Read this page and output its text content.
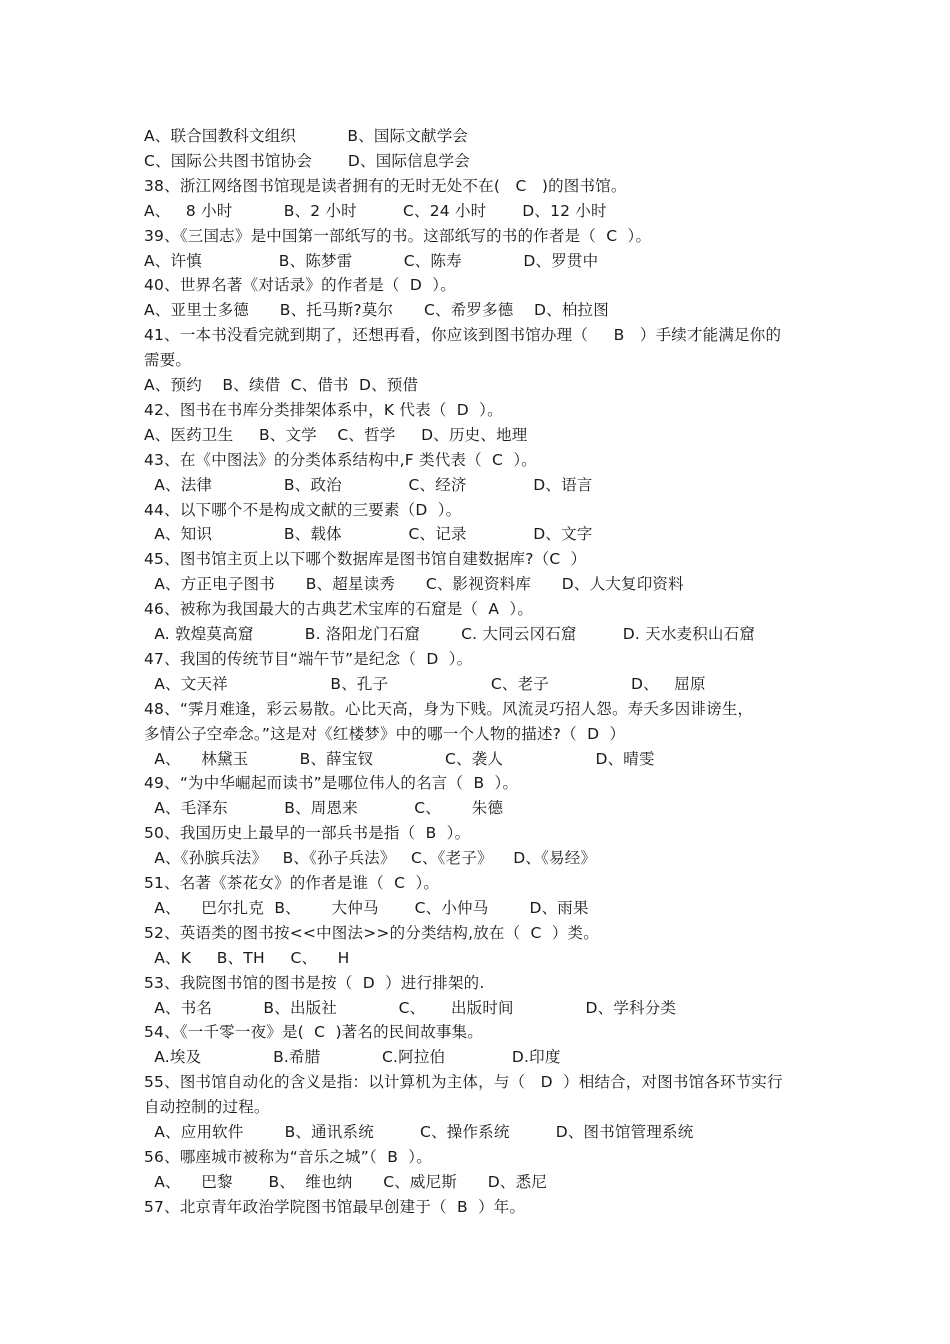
A、联合国教科文组织          B、国际文献学会
C、国际公共图书馆协会       D、国际信息学会
38、浙江网络图书馆现是读者拥有的无时无处不在(   C   )的图书馆。
A、   8 小时          B、2 小时         C、24 小时       D、12 小时
39、《三国志》是中国第一部纸写的书。这部纸写的书的作者是（  C  ）。
A、许慎               B、陈梦雷          C、陈寿            D、罗贯中
40、世界名著《对话录》的作者是（  D  ）。
A、亚里士多德      B、托马斯?莫尔      C、希罗多德    D、柏拉图
41、一本书没看完就到期了，还想再看，你应该到图书馆办理（     B   ）手续才能满足你的
需要。
A、预约    B、续借  C、借书  D、预借
42、图书在书库分类排架体系中，K 代表（  D  ）。
A、医药卫生     B、文学    C、哲学     D、历史、地理
43、在《中图法》的分类体系结构中,F 类代表（  C  ）。
A、法律              B、政治             C、经济             D、语言
44、以下哪个不是构成文献的三要素（D  ）。
A、知识              B、载体             C、记录             D、文字
45、图书馆主页上以下哪个数据库是图书馆自建数据库?（C  ）
A、方正电子图书      B、超星读秀      C、影视资料库      D、人大复印资料
46、被称为我国最大的古典艺术宝库的石窟是（  A  ）。
A. 敦煌莫高窟          B. 洛阳龙门石窟        C. 大同云冈石窟         D. 天水麦积山石窟
47、我国的传统节目“端午节”是纪念（  D  ）。
A、文天祥                    B、孔子                    C、老子                D、   屈原
48、“霁月难逢，彩云易散。心比天高，身为下贱。风流灵巧招人怨。寿夭多因诽谤生，
多情公子空牵念。”这是对《红楼梦》中的哪一个人物的描述?（  D  ）
A、    林黛玉          B、薛宝钗              C、袭人                  D、晴雯
49、“为中华崛起而读书”是哪位伟人的名言（  B  ）。
A、毛泽东           B、周恩来           C、      朱德
50、我国历史上最早的一部兵书是指（  B  ）。
A、《孙膑兵法》   B、《孙子兵法》   C、《老子》    D、《易经》
51、名著《茶花女》的作者是谁（  C  ）。
A、    巴尔扎克  B、      大仲马       C、小仲马        D、雨果
52、英语类的图书按<<中图法>>的分类结构,放在（  C  ）类。
A、K     B、TH     C、    H
53、我院图书馆的图书是按（  D  ）进行排架的.
A、书名          B、出版社            C、     出版时间              D、学科分类
54、《一千零一夜》是(  C  )著名的民间故事集。
A.埃及              B.希腊            C.阿拉伯             D.印度
55、图书馆自动化的含义是指：以计算机为主体，与（   D  ）相结合，对图书馆各环节实行
自动控制的过程。
A、应用软件        B、通讯系统         C、操作系统         D、图书馆管理系统
56、哪座城市被称为“音乐之城”（  B  ）。
A、    巴黎       B、  维也纳      C、威尼斯      D、悉尼
57、北京青年政治学院图书馆最早创建于（  B  ）年。
